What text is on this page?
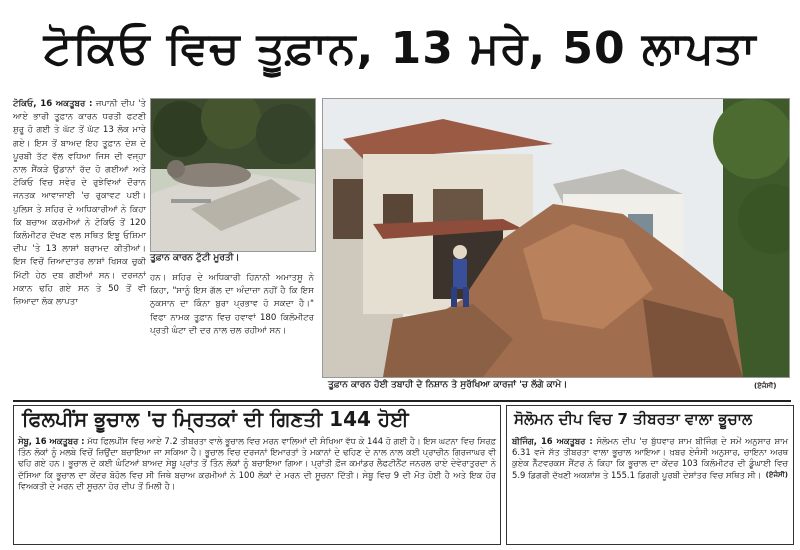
ਟੋਕਿਓ ਵਿਚ ਤੂਫ਼ਾਨ, 13 ਮਰੇ, 50 ਲਾਪਤਾ
ਟੋਕਿਓ, 16 ਅਕਤੂਬਰ : ਜਪਾਨੀ ਦੀਪ 'ਤੇ ਆਏ ਭਾਰੀ ਤੂਫ਼ਾਨ ਕਾਰਨ ਧਰਤੀ ਫਟਣੀ ਸ਼ੁਰੂ ਹੋ ਗਈ ਤੇ ਘੱਟ ਤੋਂ ਘੱਟ 13 ਲੋਕ ਮਾਰੇ ਗਏ। ਇਸ ਤੋਂ ਬਾਅਦ ਇਹ ਤੂਫ਼ਾਨ ਦੇਸ਼ ਦੇ ਪੂਰਬੀ ਤੱਟ ਵੱਲ ਵਧਿਆ ਜਿਸ ਦੀ ਵਜ੍ਹਾ ਨਾਲ ਸੈਂਕੜੇ ਉਡਾਨਾਂ ਰੱਦ ਹੋ ਗਈਆਂ ਅਤੇ ਟੋਕਿਓ ਵਿਚ ਸਵੇਰ ਦੇ ਰੁਝੇਵਿਆਂ ਦੌਰਾਨ ਜਨਤਕ ਆਵਾਜਾਈ 'ਚ ਰੁਕਾਵਟ ਪਈ। ਪੁਲਿਸ ਤੇ ਸ਼ਹਿਰ ਦੇ ਅਧਿਕਾਰੀਆਂ ਨੇ ਕਿਹਾ ਕਿ ਬਚਾਅ ਕਰਮੀਆਂ ਨੇ ਟੋਕਿਓ ਤੋਂ 120 ਕਿਲੋਮੀਟਰ ਦੱਖਣ ਵਲ ਸਥਿਤ ਇਝੂ ਓਸ਼ਿਮਾ ਦੀਪ 'ਤੇ 13 ਲਾਸ਼ਾਂ ਬਰਾਮਦ ਕੀਤੀਆਂ। ਇਸ ਵਿਚੋਂ ਜ਼ਿਆਦਾਤਰ ਲਾਸ਼ਾਂ ਖਿਸਕ ਚੁਕੀ ਮਿੱਟੀ ਹੇਠ ਦਬ ਗਈਆਂ ਸਨ। ਦਰਜਨਾਂ ਮਕਾਨ ਢਹਿ ਗਏ ਸਨ ਤੇ 50 ਤੋਂ ਵੀ ਜ਼ਿਆਦਾ ਲੋਕ ਲਾਪਤਾ
ਤੂਫ਼ਾਨ ਕਾਰਨ ਟੁੱਟੀ ਮੂਰਤੀ।
ਹਨ। ਸ਼ਹਿਰ ਦੇ ਅਧਿਕਾਰੀ ਹਿਨਾਨੀ ਅਮਾਤਸੂ ਨੇ ਕਿਹਾ, "ਸਾਨੂੰ ਇਸ ਗੱਲ ਦਾ ਅੰਦਾਜ਼ਾ ਨਹੀਂ ਹੈ ਕਿ ਇਸ ਨੁਕਸਾਨ ਦਾ ਕਿੰਨਾ ਬੁਰਾ ਪ੍ਰਭਾਵ ਹੋ ਸਕਦਾ ਹੈ।" ਵਿਫਾ ਨਾਮਕ ਤੂਫ਼ਾਨ ਵਿਚ ਹਵਾਵਾਂ 180 ਕਿਲੋਮੀਟਰ ਪ੍ਰਤੀ ਘੰਟਾ ਦੀ ਦਰ ਨਾਲ ਚਲ ਰਹੀਆਂ ਸਨ।
ਤੂਫ਼ਾਨ ਕਾਰਨ ਹੋਈ ਤਬਾਹੀ ਦੇ ਨਿਸ਼ਾਨ ਤੇ ਸੁਰੱਖਿਆ ਕਾਰਜਾਂ 'ਚ ਲੱਗੇ ਕਾਮੇ।	(ਏਜੰਸੀ)
ਫਿਲਪੀਂਸ ਭੂਚਾਲ 'ਚ ਮ੍ਰਿਤਕਾਂ ਦੀ ਗਿਣਤੀ 144 ਹੋਈ
ਸੇਬੂ, 16 ਅਕਤੂਬਰ : ਮੱਧ ਫਿਲਪੀਂਸ ਵਿਚ ਆਏ 7.2 ਤੀਬਰਤਾ ਵਾਲੇ ਭੂਚਾਲ ਵਿਚ ਮਰਨ ਵਾਲਿਆਂ ਦੀ ਸੰਖਿਆ ਵੱਧ ਕੇ 144 ਹੋ ਗਈ ਹੈ। ਇਸ ਘਟਨਾ ਵਿਚ ਸਿਰਫ਼ ਤਿੰਨ ਲੋਕਾਂ ਨੂੰ ਮਲਬੇ ਵਿਚੋਂ ਜ਼ਿਉਂਦਾ ਬਚਾਇਆ ਜਾ ਸਕਿਆ ਹੈ। ਭੂਚਾਲ ਵਿਚ ਦਰਜਨਾਂ ਇਮਾਰਤਾਂ ਤੇ ਮਕਾਨਾਂ ਦੇ ਢਹਿਣ ਦੇ ਨਾਲ ਨਾਲ ਕਈ ਪ੍ਰਾਚੀਨ ਗਿਰਜਾਘਰ ਵੀ ਢਹਿ ਗਏ ਹਨ। ਭੂਚਾਲ ਦੇ ਕਈ ਘੰਟਿਆਂ ਬਾਅਦ ਸੇਬੂ ਪ੍ਰਾਂਤ ਤੋਂ ਤਿੰਨ ਲੋਕਾਂ ਨੂੰ ਬਚਾਇਆ ਗਿਆ। ਪ੍ਰਾਂਤੀ ਫ਼ੌਜ ਕਮਾਂਡਰ ਲੈਫਟੀਨੈਂਟ ਜਨਰਲ ਰਾਏ ਦੇਵੇਰਾਤੁਰਦਾ ਨੇ ਦੱਸਿਆ ਕਿ ਭੂਚਾਲ ਦਾ ਕੇਂਦਰ ਬੋਹੋਲ ਵਿਚ ਸੀ ਜਿਥੇ ਬਚਾਅ ਕਰਮੀਆਂ ਨੇ 100 ਲੋਕਾਂ ਦੇ ਮਰਨ ਦੀ ਸੂਚਨਾ ਦਿੱਤੀ। ਸੇਬੂ ਵਿਚ 9 ਦੀ ਮੌਤ ਹੋਈ ਹੈ ਅਤੇ ਇਕ ਹੋਰ ਵਿਅਕਤੀ ਦੇ ਮਰਨ ਦੀ ਸੂਚਨਾ ਹੋਰ ਦੀਪ ਤੋਂ ਮਿਲੀ ਹੈ।
ਸੋਲੋਮਨ ਦੀਪ ਵਿਚ 7 ਤੀਬਰਤਾ ਵਾਲਾ ਭੂਚਾਲ
ਬੀਜਿੰਗ, 16 ਅਕਤੂਬਰ : ਸੋਲੋਮਨ ਦੀਪ 'ਚ ਬੁੱਧਵਾਰ ਸ਼ਾਮ ਬੀਜਿੰਗ ਦੇ ਸਮੇਂ ਅਨੁਸਾਰ ਸ਼ਾਮ 6.31 ਵਜੇ ਸੱਤ ਤੀਬਰਤਾ ਵਾਲਾ ਭੂਚਾਲ ਆਇਆ। ਖ਼ਬਰ ਏਜੰਸੀ ਅਨੁਸਾਰ, ਚਾਇਨਾ ਅਰਥ ਕੁਏਕ ਨੈੱਟਵਰਕਸ ਸੈਂਟਰ ਨੇ ਕਿਹਾ ਕਿ ਭੂਚਾਲ ਦਾ ਕੇਂਦਰ 103 ਕਿਲੋਮੀਟਰ ਦੀ ਡੂੰਘਾਈ ਵਿਚ 5.9 ਡਿਗਰੀ ਦੱਖਣੀ ਅਕਸ਼ਾਂਸ਼ ਤੇ 155.1 ਡਿਗਰੀ ਪੂਰਬੀ ਦੇਸ਼ਾਂਤਰ ਵਿਚ ਸਥਿਤ ਸੀ। (ਏਜੰਸੀ)
